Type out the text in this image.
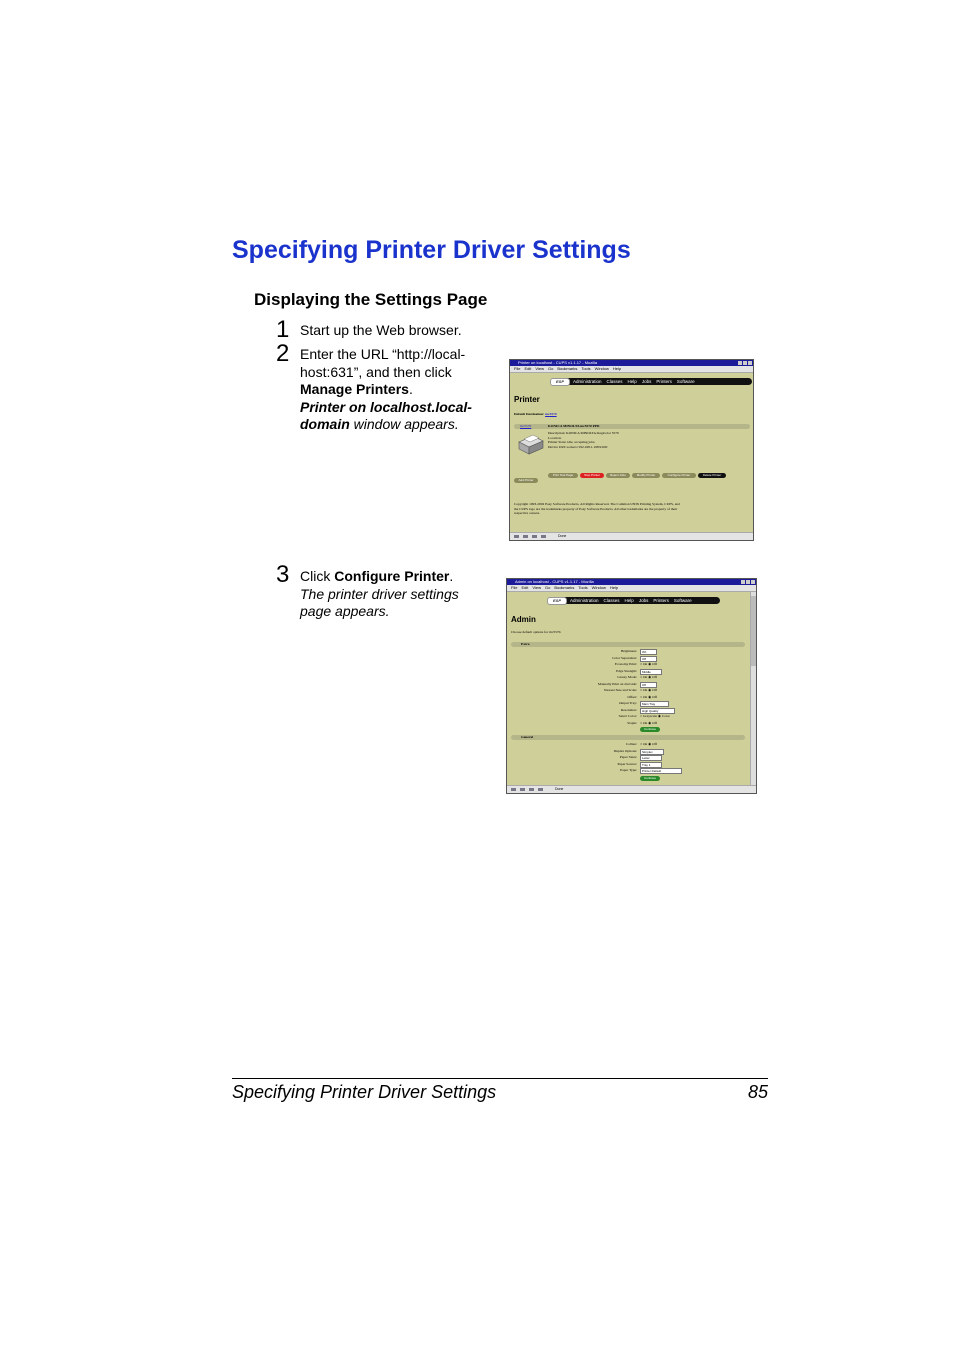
Specifying Printer Driver Settings
Displaying the Settings Page
1 Start up the Web browser.
2 Enter the URL “http://local-host:631”, and then click Manage Printers.
Printer on localhost.local-domain window appears.
3 Click Configure Printer.
The printer driver settings page appears.
Printer on localhost - CUPS v1.1.17 - Mozilla
File Edit View Go Bookmarks Tools Window Help
ESP	Administration Classes Help Jobs Printers Software
Printer
Default Destination: mc5570
mc5570	KONICA MINOLTA mc5570 PPD
Description: KONICA MINOLTA magicolor 5570
Location:
Printer State: idle, accepting jobs.
Device URI: socket://192.168.1.198:9100/
Add Printer
Copyright 1993-2002 Easy Software Products, All Rights Reserved. The Common UNIX Printing System, CUPS, and
the CUPS logo are the trademarks property of Easy Software Products. All other trademarks are the property of their
respective owners.
Print Test Page	Stop Printer	Reject Jobs	Modify Printer	Configure Printer	Delete Printer
Done
Admin on localhost - CUPS v1.1.17 - Mozilla
File Edit View Go Bookmarks Tools Window Help
ESP	Administration Classes Help Jobs Printers Software
Admin
Choose default options for mc5570.
Extra
Continue
General
Continue
Brightness:	0%
Color Separation:	Off
Economy Print: ○ On ◉ Off
Edge Strength:	Middle
Glossy Mode: ○ On ◉ Off
Manually Print on 2nd side:	Off
Nearest Size and Scale: ○ On ◉ Off
Offset: ○ On ◉ Off
Output Tray:	Main Tray
Resolution:	High Quality
Select Color: ○ Grayscale ◉ Color
Staple: ○ On ◉ Off
Collate: ○ On ◉ Off
Duplex Options:	Simplex
Paper Sizes:	Letter
Paper Source:	Tray 1
Paper Type:	Printer Default
Done
Specifying Printer Driver Settings	85
